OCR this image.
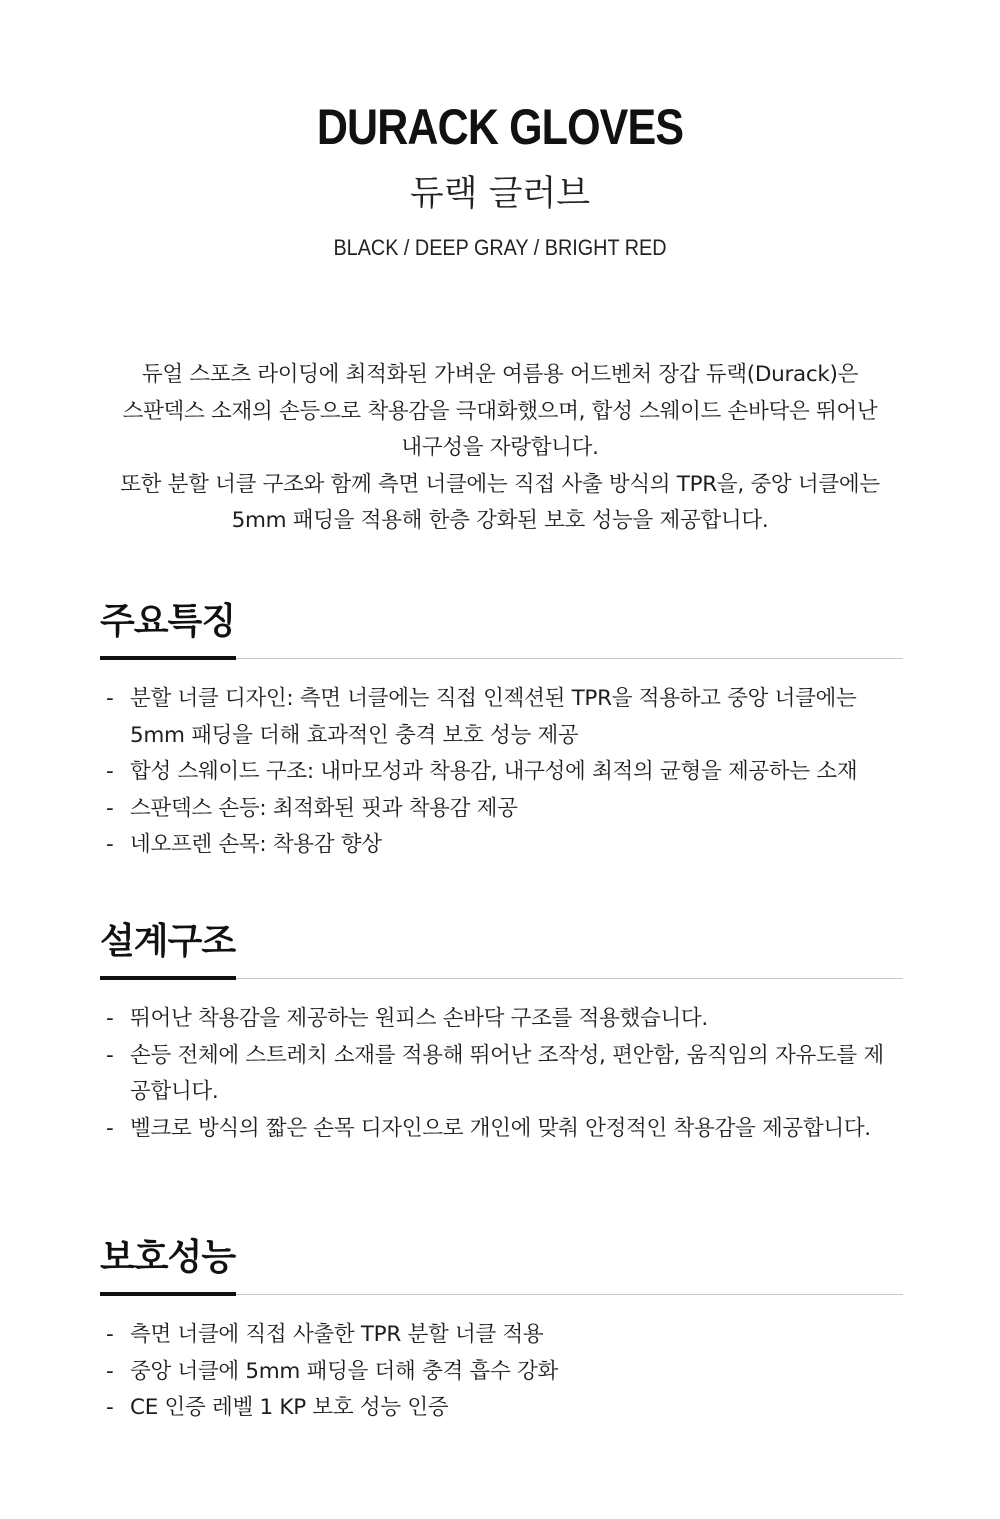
DURACK GLOVES
듀랙 글러브
BLACK / DEEP GRAY / BRIGHT RED

듀얼 스포츠 라이딩에 최적화된 가벼운 여름용 어드벤처 장갑 듀랙(Durack)은

스판덱스 소재의 손등으로 착용감을 극대화했으며, 합성 스웨이드 손바닥은 뛰어난

내구성을 자랑합니다.

또한 분할 너클 구조와 함께 측면 너클에는 직접 사출 방식의 TPR을, 중앙 너클에는

5mm 패딩을 적용해 한층 강화된 보호 성능을 제공합니다.

주요특징
- 분할 너클 디자인: 측면 너클에는 직접 인젝션된 TPR을 적용하고 중앙 너클에는 5mm 패딩을 더해 효과적인 충격 보호 성능 제공
- 합성 스웨이드 구조: 내마모성과 착용감, 내구성에 최적의 균형을 제공하는 소재
- 스판덱스 손등: 최적화된 핏과 착용감 제공
- 네오프렌 손목: 착용감 향상
설계구조
- 뛰어난 착용감을 제공하는 원피스 손바닥 구조를 적용했습니다.
- 손등 전체에 스트레치 소재를 적용해 뛰어난 조작성, 편안함, 움직임의 자유도를 제공합니다.
- 벨크로 방식의 짧은 손목 디자인으로 개인에 맞춰 안정적인 착용감을 제공합니다.
보호성능
- 측면 너클에 직접 사출한 TPR 분할 너클 적용
- 중앙 너클에 5mm 패딩을 더해 충격 흡수 강화
- CE 인증 레벨 1 KP 보호 성능 인증
